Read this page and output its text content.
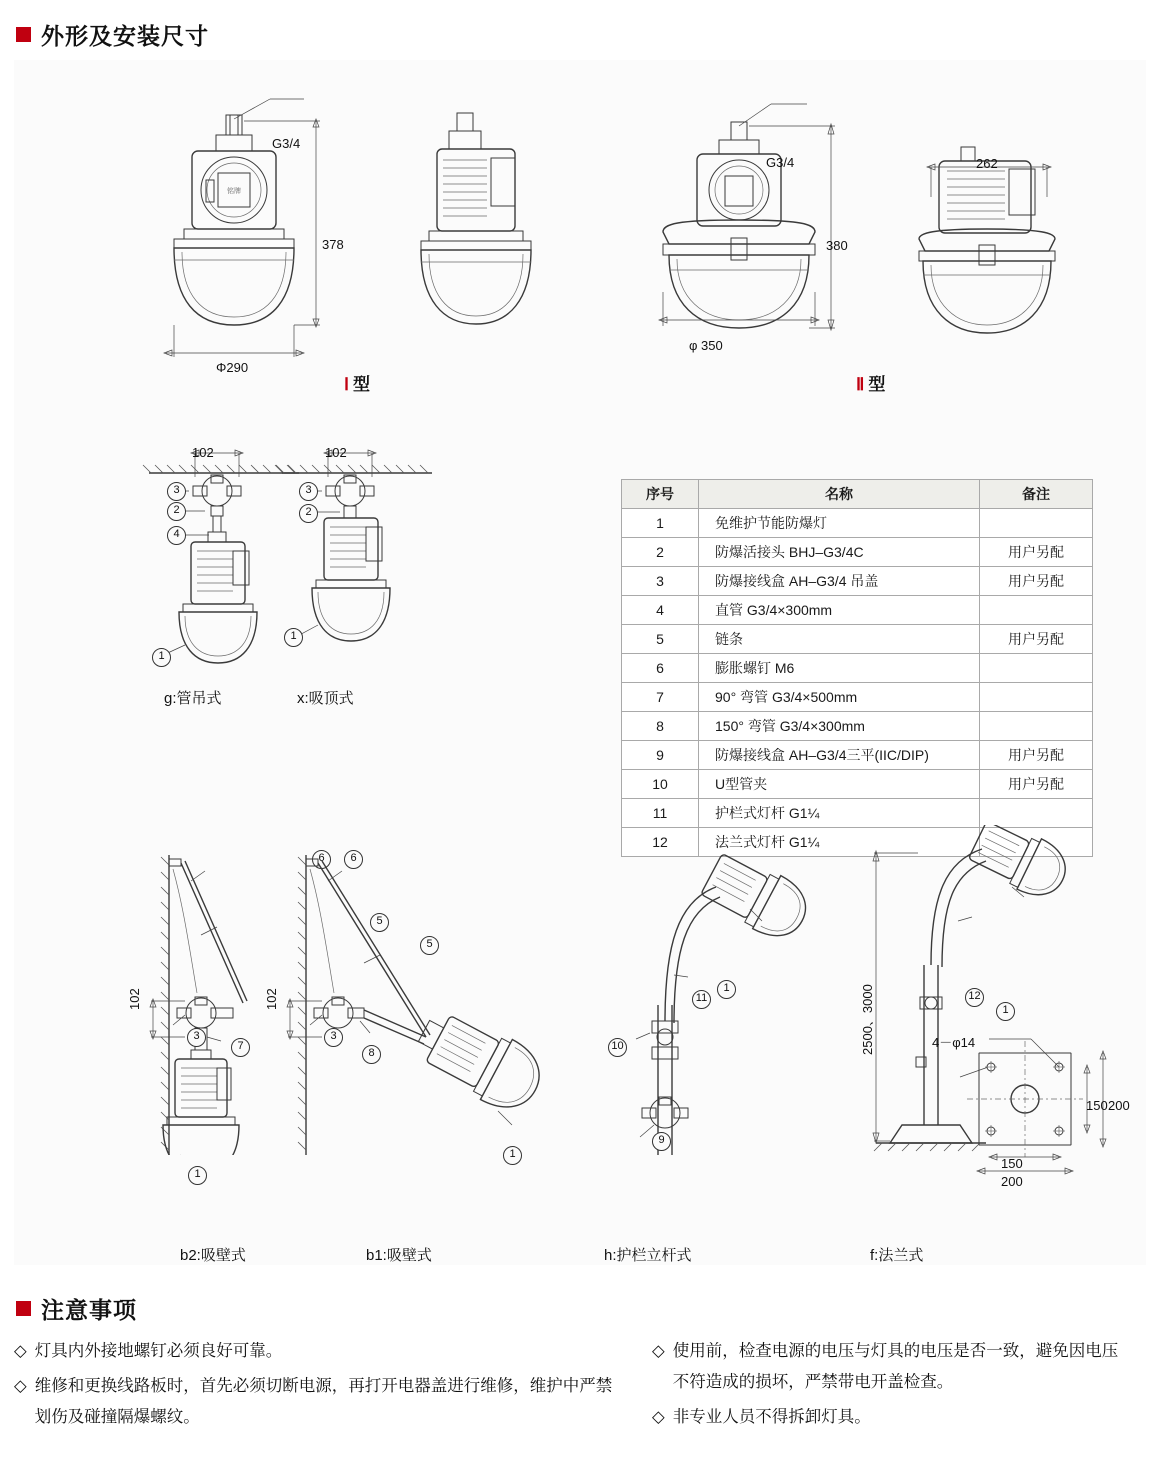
外形及安装尺寸
铭牌
G3/4
378
Φ290
Ⅰ 型
G3/4
380
φ 350
262
Ⅱ 型
3
2
4
1
102
g:管吊式
3
2
1
102
x:吸顶式
序号	名称	备注
1	免维护节能防爆灯	
2	防爆活接头 BHJ–G3/4C	用户另配
3	防爆接线盒 AH–G3/4 吊盖	用户另配
4	直管 G3/4×300mm	
5	链条	用户另配
6	膨胀螺钉 M6	
7	90° 弯管 G3/4×500mm	
8	150° 弯管 G3/4×300mm	
9	防爆接线盒 AH–G3/4三平(IIC/DIP)	用户另配
10	U型管夹	用户另配
11	护栏式灯杆 G1¼	
12	法兰式灯杆 G1¼	
6
5
3
7
1
102
b2:吸壁式
6
5
3
8
1
102
b1:吸壁式
11
1
10
9
h:护栏立杆式
12
1
2500、3000
f:法兰式
4－φ14
150 200
150
200
注意事项
◇ 灯具内外接地螺钉必须良好可靠。
◇ 维修和更换线路板时，首先必须切断电源，再打开电器盖进行维修，维护中严禁划伤及碰撞隔爆螺纹。
◇ 使用前，检查电源的电压与灯具的电压是否一致，避免因电压不符造成的损坏，严禁带电开盖检查。
◇ 非专业人员不得拆卸灯具。
